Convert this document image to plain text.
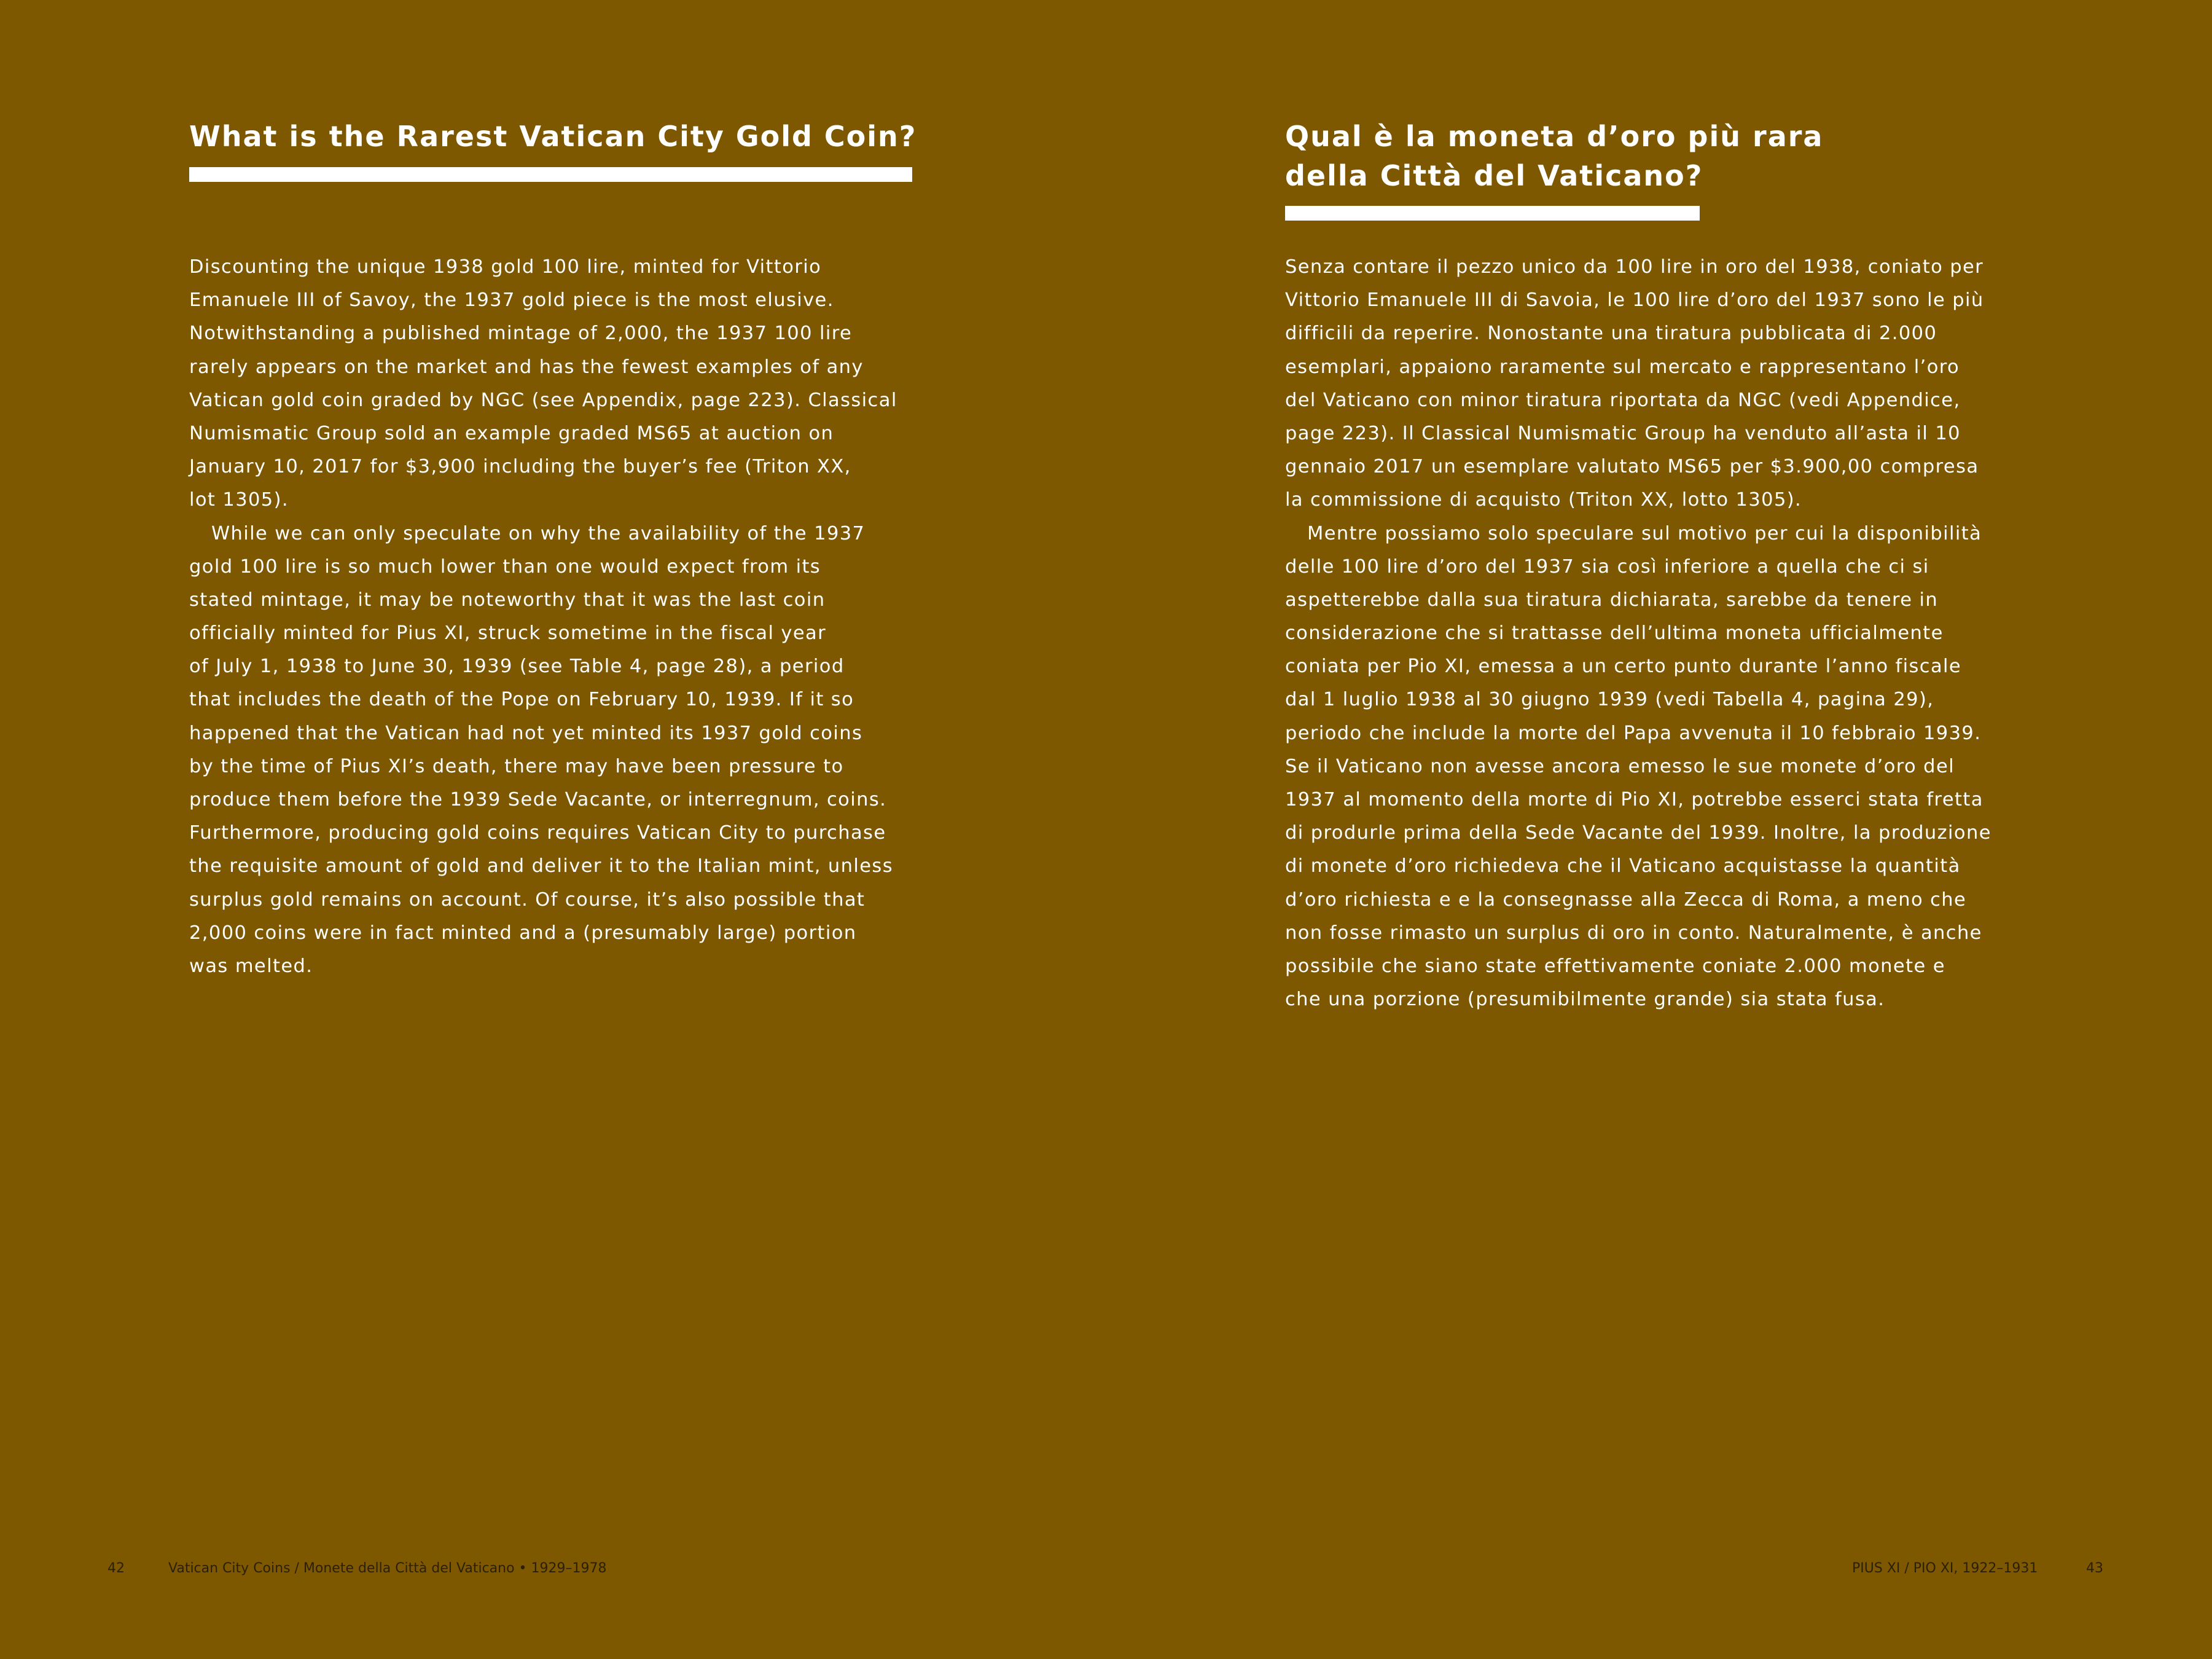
What is the Rarest Vatican City Gold Coin?
Discounting the unique 1938 gold 100 lire, minted for Vittorio
Emanuele III of Savoy, the 1937 gold piece is the most elusive.
Notwithstanding a published mintage of 2,000, the 1937 100 lire
rarely appears on the market and has the fewest examples of any
Vatican gold coin graded by NGC (see Appendix, page 223). Classical
Numismatic Group sold an example graded MS65 at auction on
January 10, 2017 for $3,900 including the buyer’s fee (Triton XX,
lot 1305).
While we can only speculate on why the availability of the 1937
gold 100 lire is so much lower than one would expect from its
stated mintage, it may be noteworthy that it was the last coin
officially minted for Pius XI, struck sometime in the fiscal year
of July 1, 1938 to June 30, 1939 (see Table 4, page 28), a period
that includes the death of the Pope on February 10, 1939. If it so
happened that the Vatican had not yet minted its 1937 gold coins
by the time of Pius XI’s death, there may have been pressure to
produce them before the 1939 Sede Vacante, or interregnum, coins.
Furthermore, producing gold coins requires Vatican City to purchase
the requisite amount of gold and deliver it to the Italian mint, unless
surplus gold remains on account. Of course, it’s also possible that
2,000 coins were in fact minted and a (presumably large) portion
was melted.
42	Vatican City Coins / Monete della Città del Vaticano • 1929–1978
Qual è la moneta d’oro più rara
della Città del Vaticano?
Senza contare il pezzo unico da 100 lire in oro del 1938, coniato per
Vittorio Emanuele III di Savoia, le 100 lire d’oro del 1937 sono le più
difficili da reperire. Nonostante una tiratura pubblicata di 2.000
esemplari, appaiono raramente sul mercato e rappresentano l’oro
del Vaticano con minor tiratura riportata da NGC (vedi Appendice,
page 223). Il Classical Numismatic Group ha venduto all’asta il 10
gennaio 2017 un esemplare valutato MS65 per $3.900,00 compresa
la commissione di acquisto (Triton XX, lotto 1305).
Mentre possiamo solo speculare sul motivo per cui la disponibilità
delle 100 lire d’oro del 1937 sia così inferiore a quella che ci si
aspetterebbe dalla sua tiratura dichiarata, sarebbe da tenere in
considerazione che si trattasse dell’ultima moneta ufficialmente
coniata per Pio XI, emessa a un certo punto durante l’anno fiscale
dal 1 luglio 1938 al 30 giugno 1939 (vedi Tabella 4, pagina 29),
periodo che include la morte del Papa avvenuta il 10 febbraio 1939.
Se il Vaticano non avesse ancora emesso le sue monete d’oro del
1937 al momento della morte di Pio XI, potrebbe esserci stata fretta
di produrle prima della Sede Vacante del 1939. Inoltre, la produzione
di monete d’oro richiedeva che il Vaticano acquistasse la quantità
d’oro richiesta e e la consegnasse alla Zecca di Roma, a meno che
non fosse rimasto un surplus di oro in conto. Naturalmente, è anche
possibile che siano state effettivamente coniate 2.000 monete e
che una porzione (presumibilmente grande) sia stata fusa.
PIUS XI / PIO XI, 1922–1931	43
